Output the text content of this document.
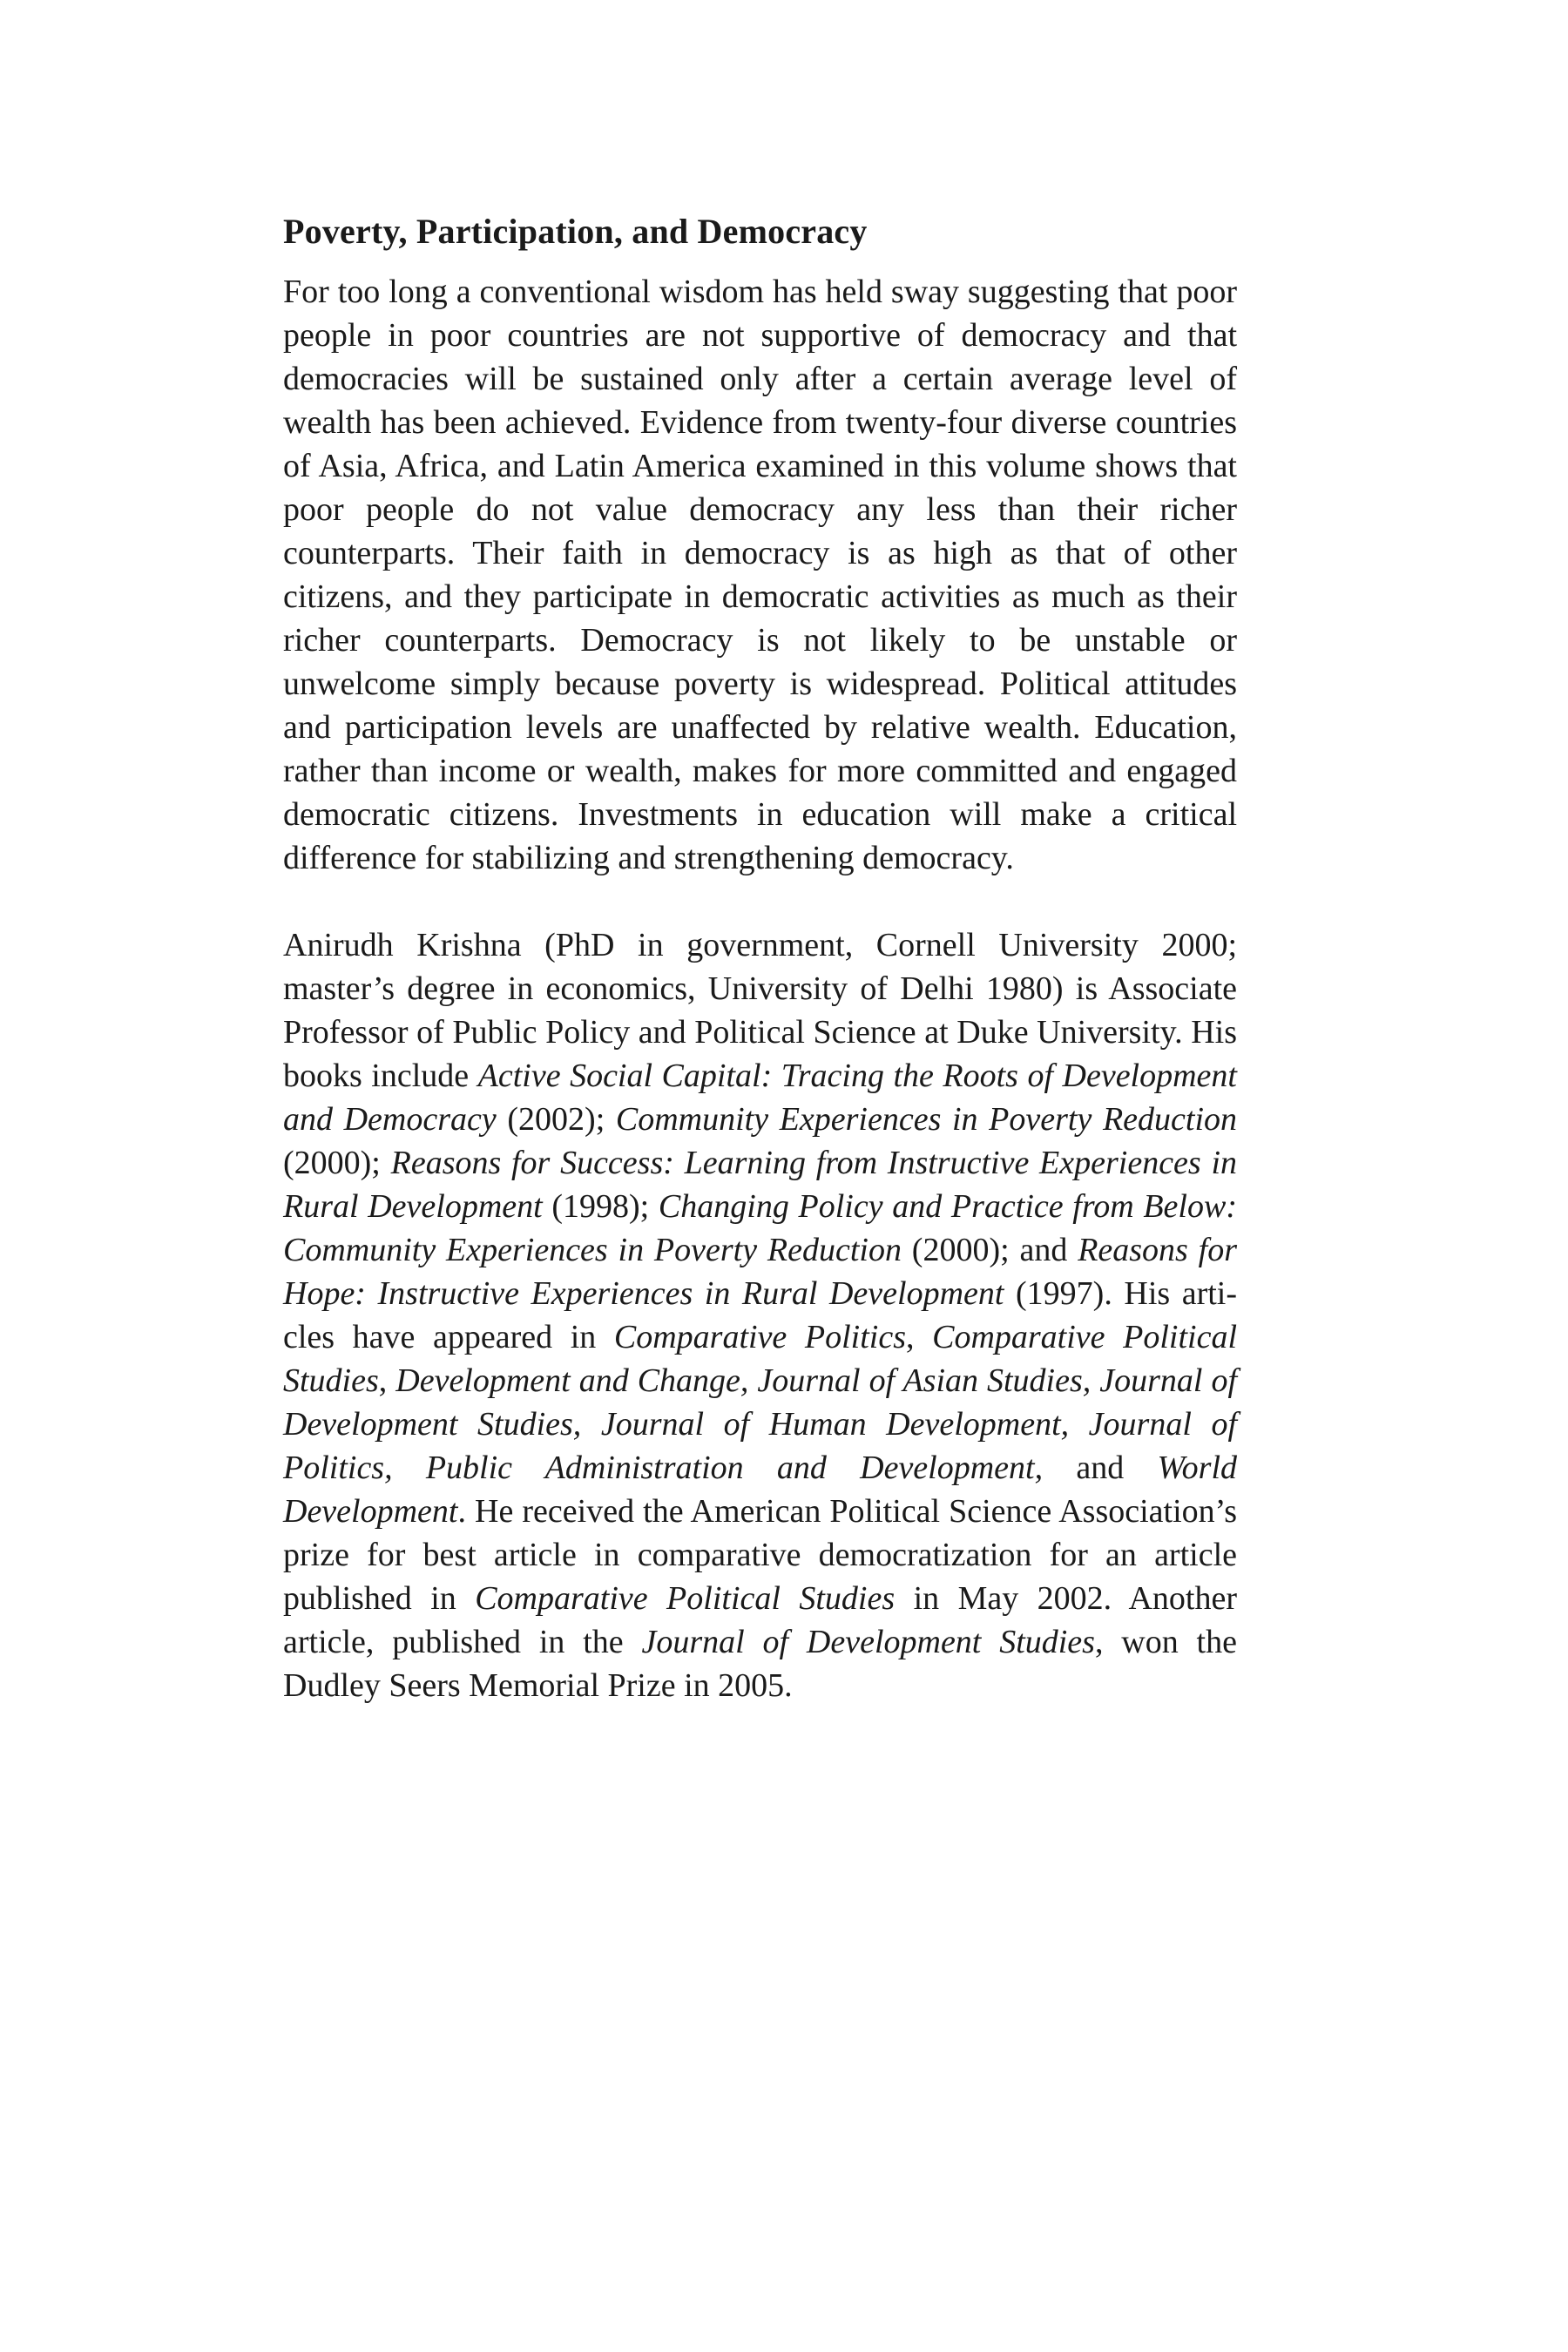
Poverty, Participation, and Democracy

For too long a conventional wisdom has held sway suggesting that poor people in poor countries are not supportive of democracy and that democracies will be sustained only after a certain average level of wealth has been achieved. Evidence from twenty-four diverse countries of Asia, Africa, and Latin America examined in this volume shows that poor people do not value democracy any less than their richer counterparts. Their faith in democracy is as high as that of other citizens, and they participate in democratic activities as much as their richer counterparts. Democracy is not likely to be unstable or unwelcome simply because poverty is widespread. Political attitudes and participation levels are unaffected by relative wealth. Education, rather than income or wealth, makes for more committed and engaged democratic citizens. Investments in education will make a critical difference for stabilizing and strengthening democracy.

Anirudh Krishna (PhD in government, Cornell University 2000; master’s degree in economics, University of Delhi 1980) is Associate Professor of Public Policy and Political Science at Duke University. His books include Active Social Capital: Tracing the Roots of Development and Democracy (2002); Community Experiences in Poverty Reduction (2000); Reasons for Success: Learning from Instructive Experiences in Rural Development (1998); Changing Policy and Practice from Below: Community Experiences in Poverty Reduction (2000); and Reasons for Hope: Instructive Experiences in Rural Development (1997). His articles have appeared in Comparative Politics, Comparative Political Studies, Development and Change, Journal of Asian Studies, Journal of Development Studies, Journal of Human Development, Journal of Politics, Public Administration and Development, and World Development. He received the American Political Science Association’s prize for best article in comparative democratization for an article published in Comparative Political Studies in May 2002. Another article, published in the Journal of Development Studies, won the Dudley Seers Memorial Prize in 2005.
